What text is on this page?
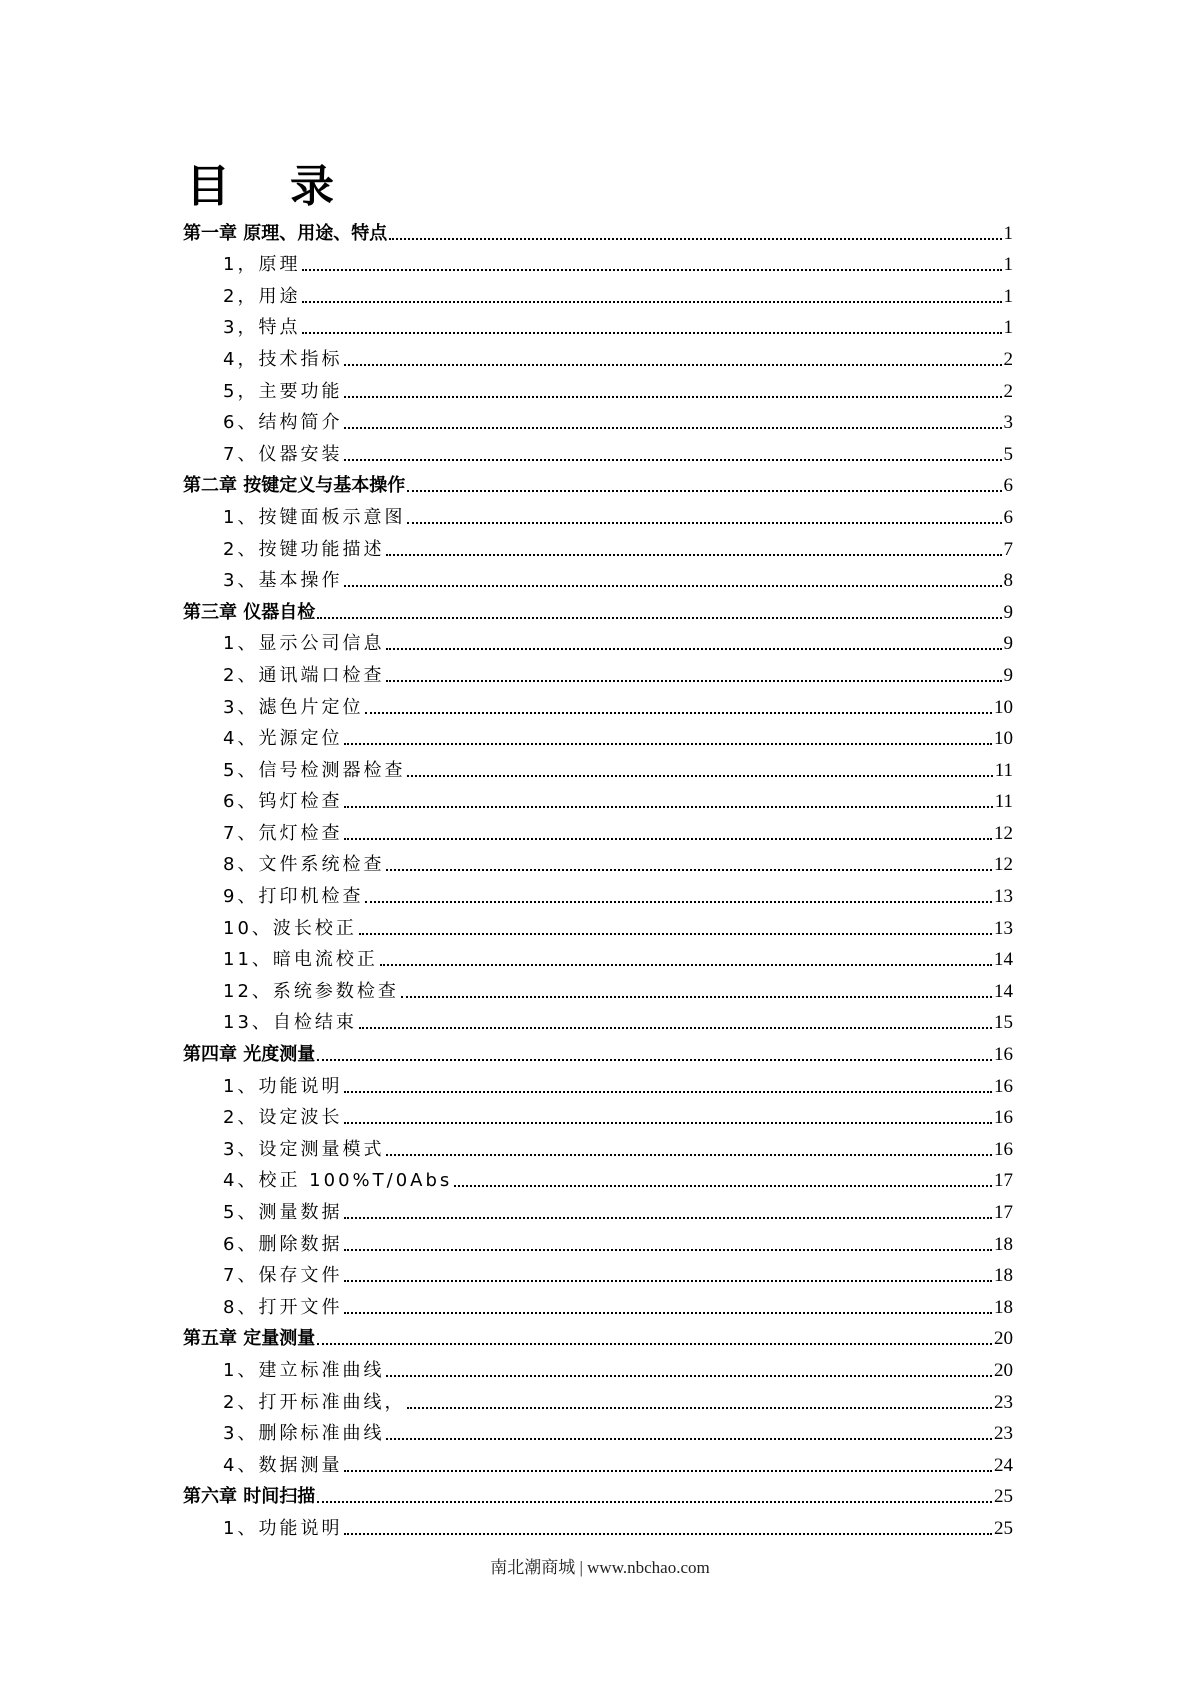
目 录
第一章 原理、用途、特点	1
1，原理	1
2，用途	1
3，特点	1
4，技术指标	2
5，主要功能	2
6、结构简介	3
7、仪器安装	5
第二章 按键定义与基本操作	6
1、按键面板示意图	6
2、按键功能描述	7
3、基本操作	8
第三章 仪器自检	9
1、显示公司信息	9
2、通讯端口检查	9
3、滤色片定位	10
4、光源定位	10
5、信号检测器检查	11
6、钨灯检查	11
7、氘灯检查	12
8、文件系统检查	12
9、打印机检查	13
10、波长校正	13
11、暗电流校正	14
12、系统参数检查	14
13、自检结束	15
第四章 光度测量	16
1、功能说明	16
2、设定波长	16
3、设定测量模式	16
4、校正 100%T/0Abs	17
5、测量数据	17
6、删除数据	18
7、保存文件	18
8、打开文件	18
第五章 定量测量	20
1、建立标准曲线	20
2、打开标准曲线，	23
3、删除标准曲线	23
4、数据测量	24
第六章 时间扫描	25
1、功能说明	25
南北潮商城 | www.nbchao.com
